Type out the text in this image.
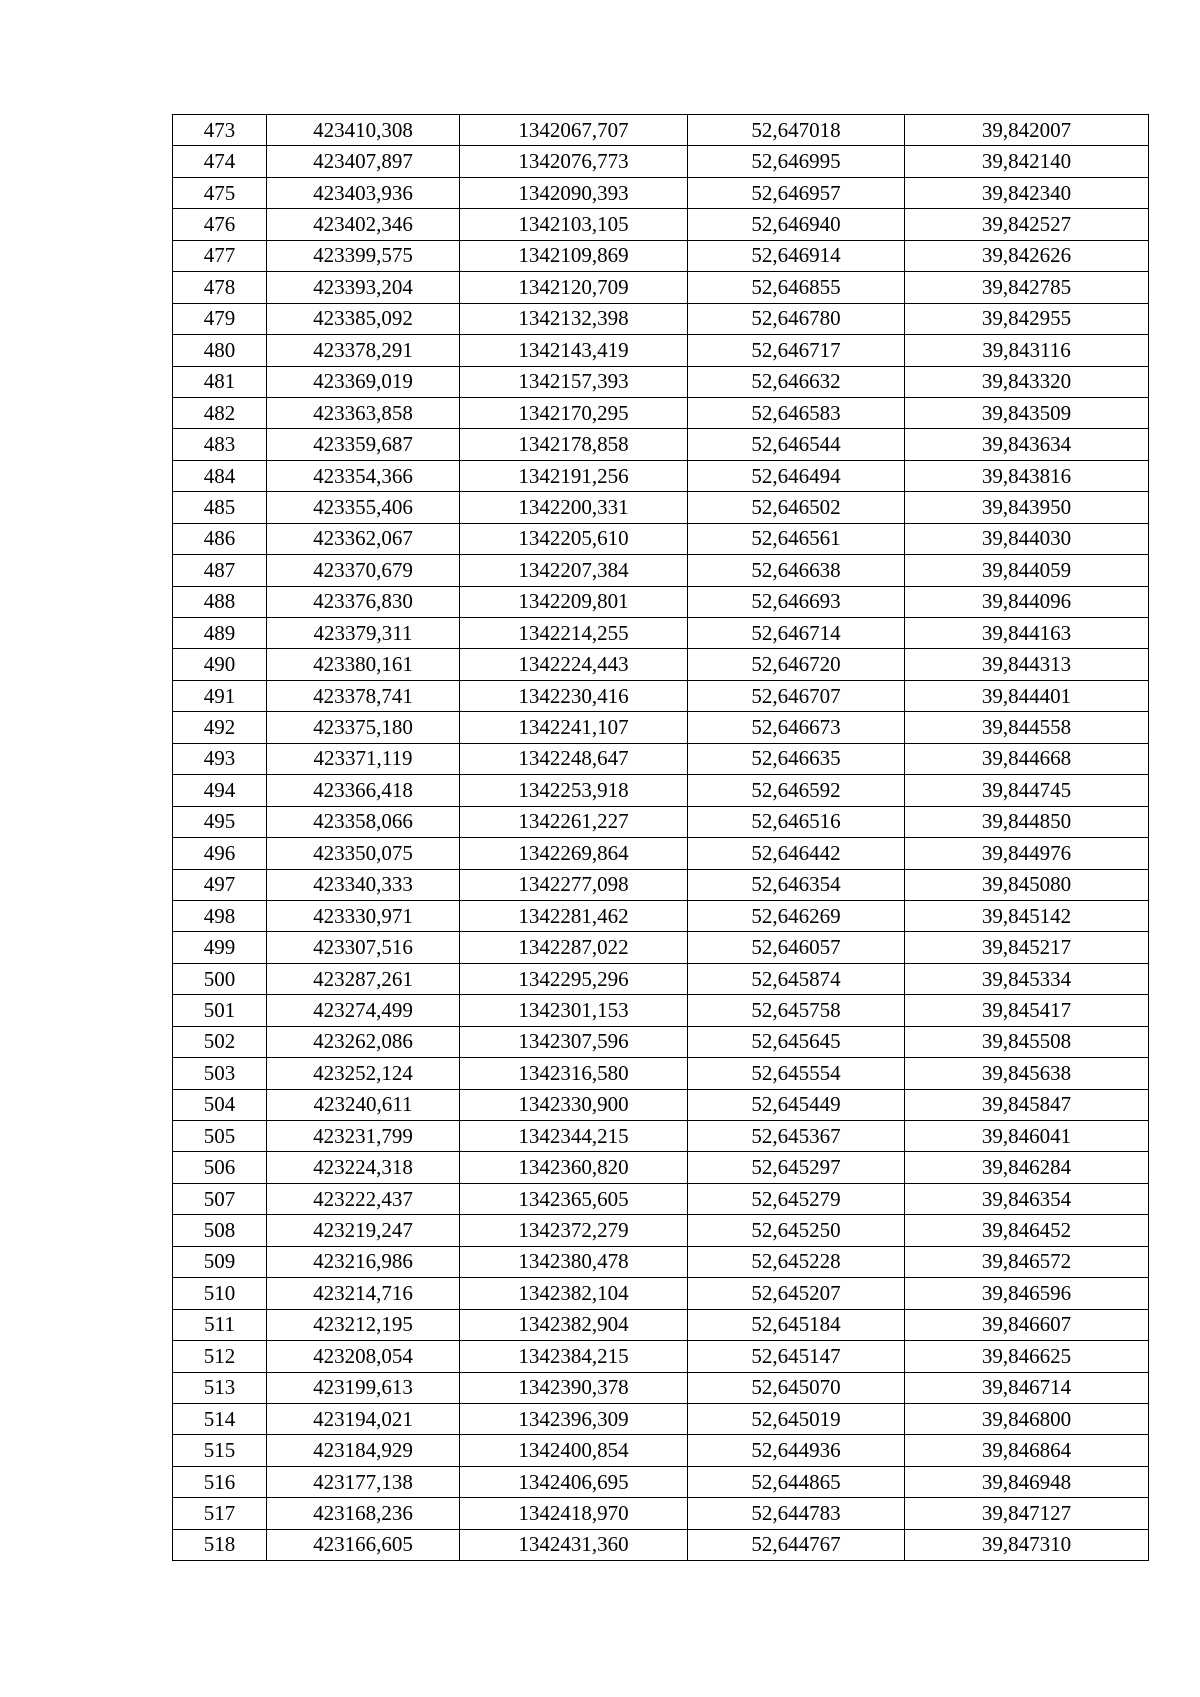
473	423410,308	1342067,707	52,647018	39,842007
474	423407,897	1342076,773	52,646995	39,842140
475	423403,936	1342090,393	52,646957	39,842340
476	423402,346	1342103,105	52,646940	39,842527
477	423399,575	1342109,869	52,646914	39,842626
478	423393,204	1342120,709	52,646855	39,842785
479	423385,092	1342132,398	52,646780	39,842955
480	423378,291	1342143,419	52,646717	39,843116
481	423369,019	1342157,393	52,646632	39,843320
482	423363,858	1342170,295	52,646583	39,843509
483	423359,687	1342178,858	52,646544	39,843634
484	423354,366	1342191,256	52,646494	39,843816
485	423355,406	1342200,331	52,646502	39,843950
486	423362,067	1342205,610	52,646561	39,844030
487	423370,679	1342207,384	52,646638	39,844059
488	423376,830	1342209,801	52,646693	39,844096
489	423379,311	1342214,255	52,646714	39,844163
490	423380,161	1342224,443	52,646720	39,844313
491	423378,741	1342230,416	52,646707	39,844401
492	423375,180	1342241,107	52,646673	39,844558
493	423371,119	1342248,647	52,646635	39,844668
494	423366,418	1342253,918	52,646592	39,844745
495	423358,066	1342261,227	52,646516	39,844850
496	423350,075	1342269,864	52,646442	39,844976
497	423340,333	1342277,098	52,646354	39,845080
498	423330,971	1342281,462	52,646269	39,845142
499	423307,516	1342287,022	52,646057	39,845217
500	423287,261	1342295,296	52,645874	39,845334
501	423274,499	1342301,153	52,645758	39,845417
502	423262,086	1342307,596	52,645645	39,845508
503	423252,124	1342316,580	52,645554	39,845638
504	423240,611	1342330,900	52,645449	39,845847
505	423231,799	1342344,215	52,645367	39,846041
506	423224,318	1342360,820	52,645297	39,846284
507	423222,437	1342365,605	52,645279	39,846354
508	423219,247	1342372,279	52,645250	39,846452
509	423216,986	1342380,478	52,645228	39,846572
510	423214,716	1342382,104	52,645207	39,846596
511	423212,195	1342382,904	52,645184	39,846607
512	423208,054	1342384,215	52,645147	39,846625
513	423199,613	1342390,378	52,645070	39,846714
514	423194,021	1342396,309	52,645019	39,846800
515	423184,929	1342400,854	52,644936	39,846864
516	423177,138	1342406,695	52,644865	39,846948
517	423168,236	1342418,970	52,644783	39,847127
518	423166,605	1342431,360	52,644767	39,847310
